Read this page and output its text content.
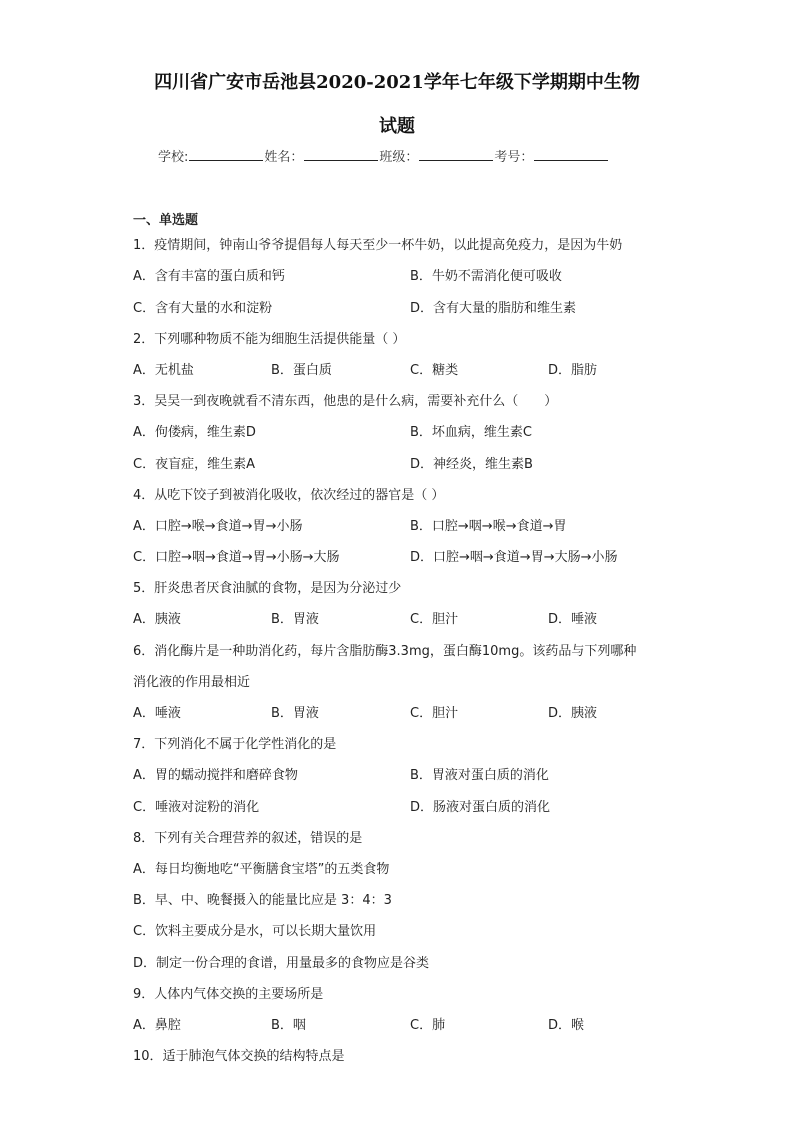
四川省广安市岳池县2020-2021学年七年级下学期期中生物
试题
学校:	姓名：	班级：	考号：
一、单选题
1．疫情期间，钟南山爷爷提倡每人每天至少一杯牛奶，以此提高免疫力，是因为牛奶
A．含有丰富的蛋白质和钙	B．牛奶不需消化便可吸收
C．含有大量的水和淀粉	D．含有大量的脂肪和维生素
2．下列哪种物质不能为细胞生活提供能量（ ）
A．无机盐	B．蛋白质	C．糖类	D．脂肪
3．吴吴一到夜晚就看不清东西，他患的是什么病，需要补充什么（　　）
A．佝偻病，维生素D	B．坏血病，维生素C
C．夜盲症，维生素A	D．神经炎，维生素B
4．从吃下饺子到被消化吸收，依次经过的器官是（ ）
A．口腔→喉→食道→胃→小肠	B．口腔→咽→喉→食道→胃
C．口腔→咽→食道→胃→小肠→大肠	D．口腔→咽→食道→胃→大肠→小肠
5．肝炎患者厌食油腻的食物，是因为分泌过少
A．胰液	B．胃液	C．胆汁	D．唾液
6．消化酶片是一种助消化药，每片含脂肪酶3.3mg，蛋白酶10mg。该药品与下列哪种
消化液的作用最相近
A．唾液	B．胃液	C．胆汁	D．胰液
7．下列消化不属于化学性消化的是
A．胃的蠕动搅拌和磨碎食物	B．胃液对蛋白质的消化
C．唾液对淀粉的消化	D．肠液对蛋白质的消化
8．下列有关合理营养的叙述，错误的是
A．每日均衡地吃“平衡膳食宝塔”的五类食物
B．早、中、晚餐摄入的能量比应是 3：4：3
C．饮料主要成分是水，可以长期大量饮用
D．制定一份合理的食谱，用量最多的食物应是谷类
9．人体内气体交换的主要场所是
A．鼻腔	B．咽	C．肺	D．喉
10．适于肺泡气体交换的结构特点是
